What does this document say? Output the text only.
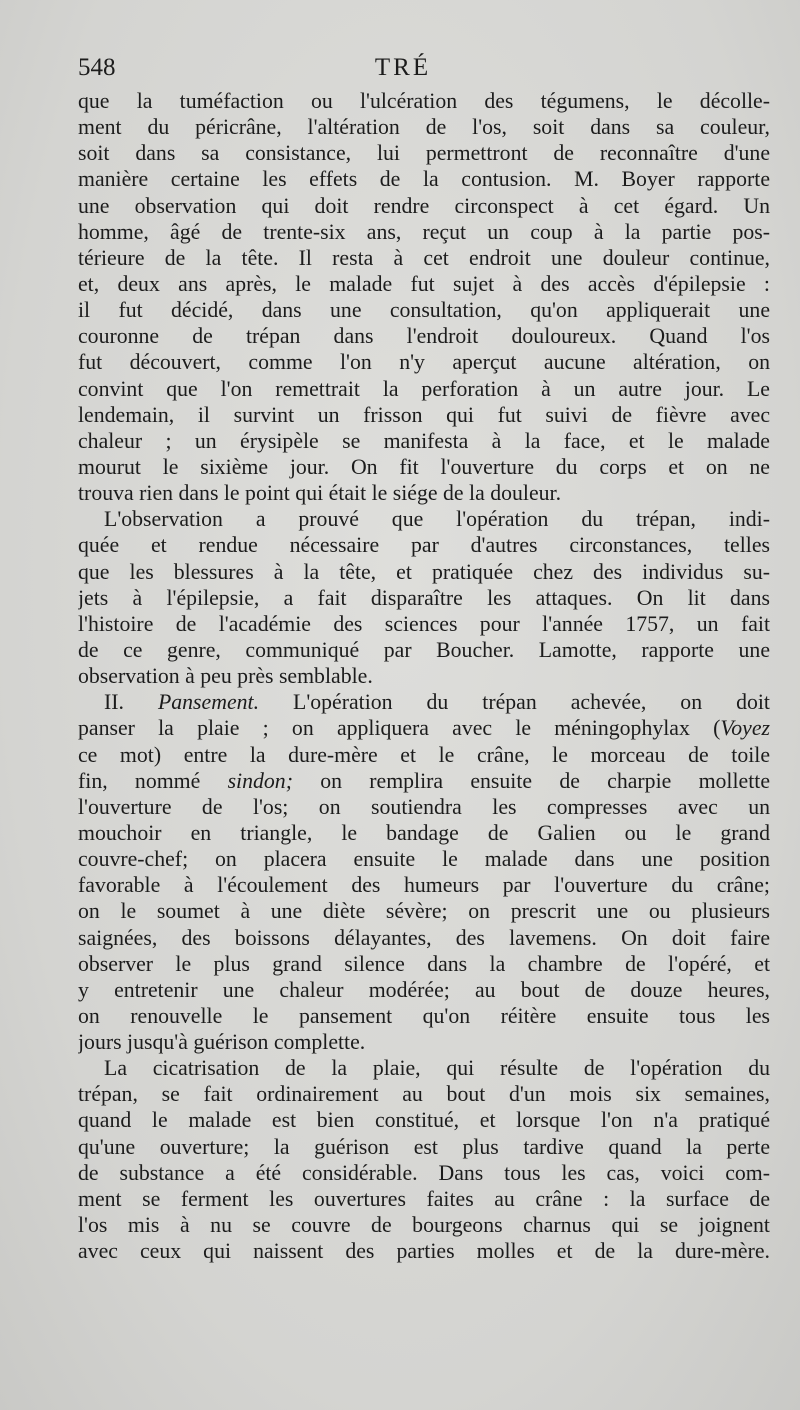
548	TRÉ
que la tuméfaction ou l'ulcération des tégumens, le décolle-
ment du péricrâne, l'altération de l'os, soit dans sa couleur,
soit dans sa consistance, lui permettront de reconnaître d'une
manière certaine les effets de la contusion. M. Boyer rapporte
une observation qui doit rendre circonspect à cet égard. Un
homme, âgé de trente-six ans, reçut un coup à la partie pos-
térieure de la tête. Il resta à cet endroit une douleur continue,
et, deux ans après, le malade fut sujet à des accès d'épilepsie :
il fut décidé, dans une consultation, qu'on appliquerait une
couronne de trépan dans l'endroit douloureux. Quand l'os
fut découvert, comme l'on n'y aperçut aucune altération, on
convint que l'on remettrait la perforation à un autre jour. Le
lendemain, il survint un frisson qui fut suivi de fièvre avec
chaleur ; un érysipèle se manifesta à la face, et le malade
mourut le sixième jour. On fit l'ouverture du corps et on ne
trouva rien dans le point qui était le siége de la douleur.
L'observation a prouvé que l'opération du trépan, indi-
quée et rendue nécessaire par d'autres circonstances, telles
que les blessures à la tête, et pratiquée chez des individus su-
jets à l'épilepsie, a fait disparaître les attaques. On lit dans
l'histoire de l'académie des sciences pour l'année 1757, un fait
de ce genre, communiqué par Boucher. Lamotte, rapporte une
observation à peu près semblable.
II. Pansement. L'opération du trépan achevée, on doit
panser la plaie ; on appliquera avec le méningophylax (Voyez
ce mot) entre la dure-mère et le crâne, le morceau de toile
fin, nommé sindon; on remplira ensuite de charpie mollette
l'ouverture de l'os; on soutiendra les compresses avec un
mouchoir en triangle, le bandage de Galien ou le grand
couvre-chef; on placera ensuite le malade dans une position
favorable à l'écoulement des humeurs par l'ouverture du crâne;
on le soumet à une diète sévère; on prescrit une ou plusieurs
saignées, des boissons délayantes, des lavemens. On doit faire
observer le plus grand silence dans la chambre de l'opéré, et
y entretenir une chaleur modérée; au bout de douze heures,
on renouvelle le pansement qu'on réitère ensuite tous les
jours jusqu'à guérison complette.
La cicatrisation de la plaie, qui résulte de l'opération du
trépan, se fait ordinairement au bout d'un mois six semaines,
quand le malade est bien constitué, et lorsque l'on n'a pratiqué
qu'une ouverture; la guérison est plus tardive quand la perte
de substance a été considérable. Dans tous les cas, voici com-
ment se ferment les ouvertures faites au crâne : la surface de
l'os mis à nu se couvre de bourgeons charnus qui se joignent
avec ceux qui naissent des parties molles et de la dure-mère.
